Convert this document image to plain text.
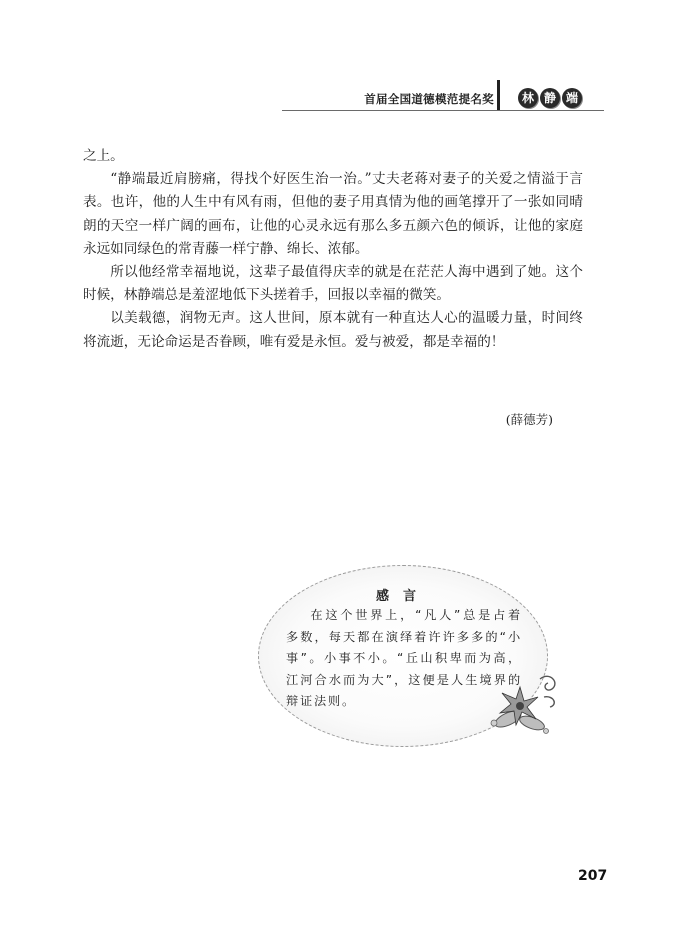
首届全国道德模范提名奖	林 静 端

之上。

“静端最近肩膀痛，得找个好医生治一治。”丈夫老蒋对妻子的关爱之情溢于言表。也许，他的人生中有风有雨，但他的妻子用真情为他的画笔撑开了一张如同晴朗的天空一样广阔的画布，让他的心灵永远有那么多五颜六色的倾诉，让他的家庭永远如同绿色的常青藤一样宁静、绵长、浓郁。

所以他经常幸福地说，这辈子最值得庆幸的就是在茫茫人海中遇到了她。这个时候，林静端总是羞涩地低下头搓着手，回报以幸福的微笑。

以美载德，润物无声。这人世间，原本就有一种直达人心的温暖力量，时间终将流逝，无论命运是否眷顾，唯有爱是永恒。爱与被爱，都是幸福的！

(薛德芳)
感言

在这个世界上，“凡人”总是占着多数，每天都在演绎着许许多多的“小事”。小事不小。“丘山积卑而为高，江河合水而为大”，这便是人生境界的辩证法则。

207
